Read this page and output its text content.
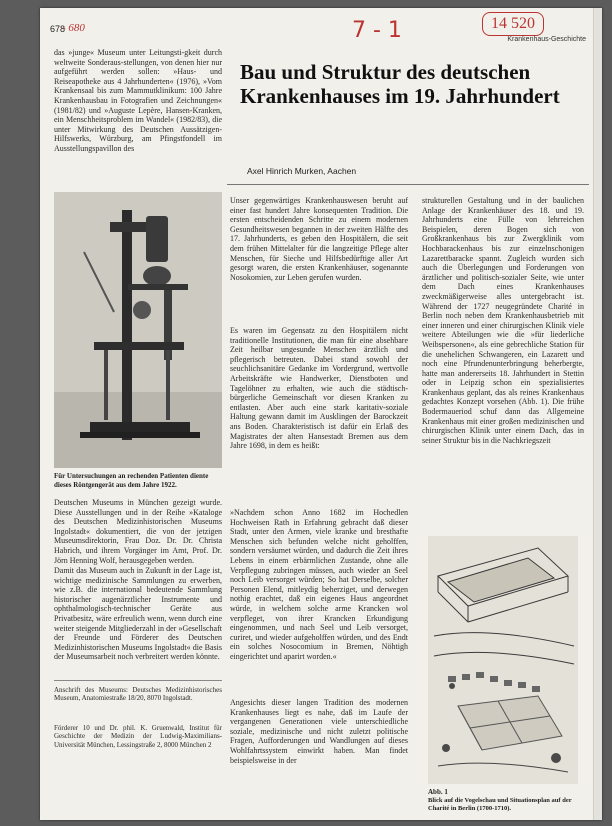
678
- 680	7 - 1	14 520
Krankenhaus-Geschichte
das »junge« Museum unter Leitungsti-gkeit durch weltweite Sonderaus-stellungen, von denen hier nur aufgeführt werden sollen: »Haus- und Reiseapotheke aus 4 Jahrhunderten« (1976), »Vom Krankensaal bis zum Mammutklinikum: 100 Jahre Krankenhausbau in Fotografien und Zeichnungen« (1981/82) und »Auguste Lepère, Hansen-Kranken, ein Menschheitsproblem im Wandel« (1982/83), die unter Mitwirkung des Deutschen Aussätzigen-Hilfswerks, Würzburg, am Pfingstfondell im Ausstellungspavillon des
Für Untersuchungen an rechenden Patienten diente dieses Röntgengerät aus dem Jahre 1922.
Deutschen Museums in München gezeigt wurde. Diese Ausstellungen und in der Reihe »Kataloge des Deutschen Medizinhistorischen Museums Ingolstadt« dokumentiert, die von der jetzigen Museumsdirektorin, Frau Doz. Dr. Dr. Christa Habrich, und ihrem Vorgänger im Amt, Prof. Dr. Jörn Henning Wolf, herausgegeben werden.
Damit das Museum auch in Zukunft in der Lage ist, wichtige medizinische Sammlungen zu erwerben, wie z.B. die international bedeutende Sammlung historischer augenärztlicher Instrumente und ophthalmologisch-technischer Geräte aus Privatbesitz, wäre erfreulich wenn, wenn durch eine weiter steigende Mitgliederzahl in der »Gesellschaft der Freunde und Förderer des Deutschen Medizinhistorischen Museums Ingolstadt« die Basis der Museumsarbeit noch verbreitert werden könnte.
Anschrift des Museums: Deutsches Medizinhistorisches Museum, Anatomiestraße 18/20, 8070 Ingolstadt.
Förderer 10 und Dr. phil. K. Gruenwald, Institut für Geschichte der Medizin der Ludwig-Maximilians-Universität München, Lessingstraße 2, 8000 München 2
Bau und Struktur des deutschen Krankenhauses im 19. Jahrhundert
Axel Hinrich Murken, Aachen
Unser gegenwärtiges Krankenhauswesen beruht auf einer fast hundert Jahre konsequenten Tradition. Die ersten entscheidenden Schritte zu einem modernen Gesundheitswesen begannen in der zweiten Hälfte des 17. Jahrhunderts, es geben den Hospitälern, die seit dem frühen Mittelalter für die langzeitige Pflege alter Menschen, für Sieche und Hilfsbedürftige aller Art gesorgt waren, die ersten Krankenhäuser, sogenannte Nosokomien, zur Leben gerufen wurden.
Es waren im Gegensatz zu den Hospitälern nicht traditionelle Institutionen, die man für eine absehbare Zeit heilbar ungesunde Menschen ärztlich und pflegerisch betreuten. Dabei stand sowohl der seuchlichsanitäre Gedanke im Vordergrund, wertvolle Arbeitskräfte wie Handwerker, Dienstboten und Tagelöhner zu erhalten, wie auch die städtisch-bürgerliche Gemeinschaft vor diesen Kranken zu entlasten. Aber auch eine stark karitativ-soziale Haltung gewann damit im Ausklingen der Barockzeit ans Boden. Charakteristisch ist dafür ein Erlaß des Magistrates der alten Hansestadt Bremen aus dem Jahre 1698, in dem es heißt:
»Nachdem schon Anno 1682 im Hochedlen Hochweisen Rath in Erfahrung gebracht daß dieser Stadt, unter den Armen, viele kranke und bresthafte Menschen sich befunden welche nicht geholffen, sondern versäumet würden, und dadurch die Zeit ihres Lebens in einem erbärmlichen Zustande, ohne alle Verpflegung zubringen müssen, auch wieder an Seel noch Leib versorget würden; So hat Derselbe, solcher Personen Elend, mitleydig beherziget, und derwegen nothig erachtet, daß ein eigenes Haus angeordnet würde, in welchem solche arme Krancken wol verpfleget, von ihrer Krancken Erkundigung eingenommen, und nach Seel und Leib versorget, curiret, und wieder aufgeholffen würden, und des Endt ein solches Nosocomium in Bremen, Nöhtigh eingerichtet und aparirt worden.«
Angesichts dieser langen Tradition des modernen Krankenhauses liegt es nahe, daß im Laufe der vergangenen Generationen viele unterschiedliche soziale, medizinische und nicht zuletzt politische Fragen, Aufforderungen und Wandlungen auf dieses Wohlfahrtssystem einwirkt haben. Man findet beispielsweise in der
strukturellen Gestaltung und in der baulichen Anlage der Krankenhäuser des 18. und 19. Jahrhunderts eine Fülle von lehrreichen Beispielen, deren Bogen sich von Großkrankenhaus bis zur Zwergklinik vom Hochbarackenhaus bis zur einzelnschonigen Lazarettbaracke spannt. Zugleich wurden sich auch die Überlegungen und Forderungen von ärztlicher und politisch-sozialer Seite, wie unter dem Dach eines Krankenhauses zweckmäßigerweise alles untergebracht ist. Während der 1727 neugegründete Charité in Berlin noch neben dem Krankenhausbetrieb mit einer inneren und einer chirurgischen Klinik viele weitere Abteilungen wie die »für liederliche Weibspersonen«, als eine gebrechliche Station für die unehelichen Schwangeren, ein Lazarett und noch eine Pfrundenunterbringung beherbergte, hatte man andererseits 18. Jahrhundert in Stettin oder in Leipzig schon ein spezialisiertes Krankenhaus geplant, das als reines Krankenhaus gedachtes Konzept vorsehen (Abb. 1). Die frühe Bodermaueriod schuf dann das Allgemeine Krankenhaus mit einer großen medizinischen und chirurgischen Klinik unter einem Dach, das in seiner Struktur bis in die Nachkriegszeit
Abb. 1
Blick auf die Vogelschau und Situationsplan auf der Charité in Berlin (1700-1710).
